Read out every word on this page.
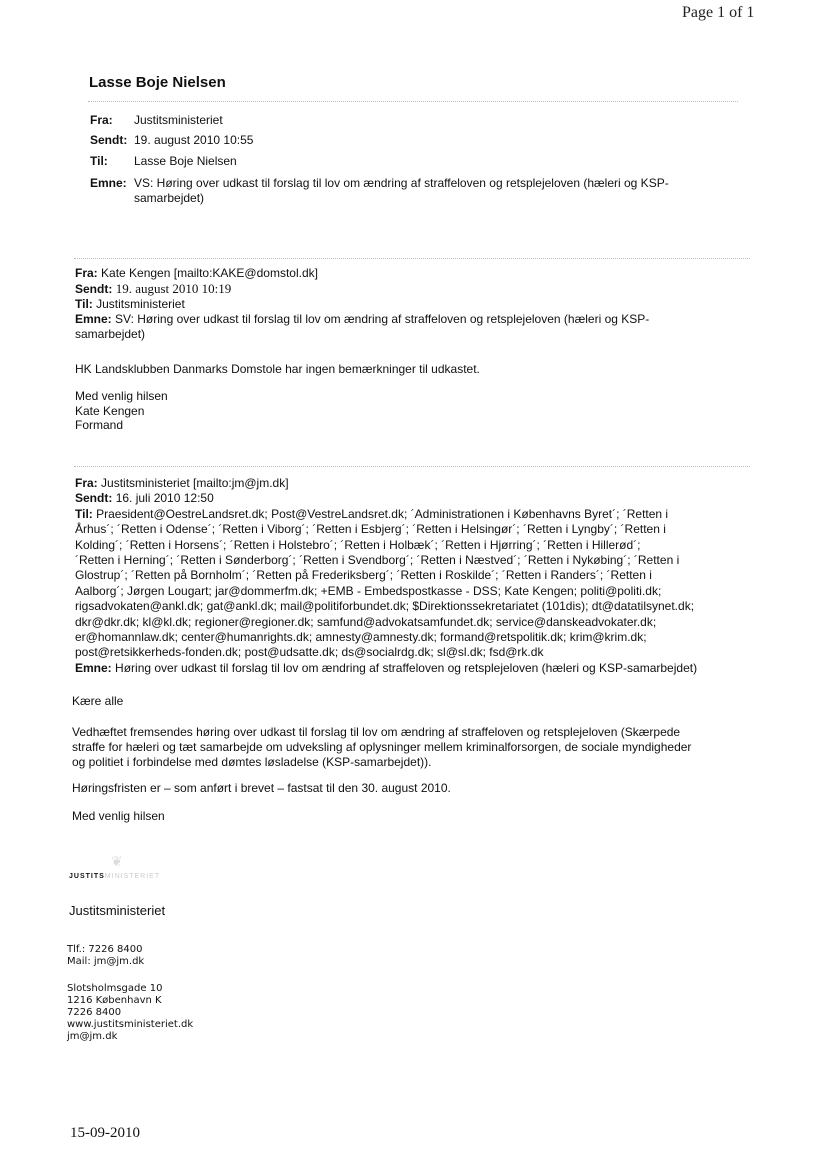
Page 1 of 1
Lasse Boje Nielsen
Fra: Justitsministeriet
Sendt: 19. august 2010 10:55
Til: Lasse Boje Nielsen
Emne: VS: Høring over udkast til forslag til lov om ændring af straffeloven og retsplejeloven (hæleri og KSP-
samarbejdet)
Fra: Kate Kengen [mailto:KAKE@domstol.dk]
Sendt: 19. august 2010 10:19
Til: Justitsministeriet
Emne: SV: Høring over udkast til forslag til lov om ændring af straffeloven og retsplejeloven (hæleri og KSP-
samarbejdet)
HK Landsklubben Danmarks Domstole har ingen bemærkninger til udkastet.
Med venlig hilsen
Kate Kengen
Formand
Fra: Justitsministeriet [mailto:jm@jm.dk]
Sendt: 16. juli 2010 12:50
Til: Praesident@OestreLandsret.dk; Post@VestreLandsret.dk; ´Administrationen i Københavns Byret´; ´Retten i
Århus´; ´Retten i Odense´; ´Retten i Viborg´; ´Retten i Esbjerg´; ´Retten i Helsingør´; ´Retten i Lyngby´; ´Retten i
Kolding´; ´Retten i Horsens´; ´Retten i Holstebro´; ´Retten i Holbæk´; ´Retten i Hjørring´; ´Retten i Hillerød´;
´Retten i Herning´; ´Retten i Sønderborg´; ´Retten i Svendborg´; ´Retten i Næstved´; ´Retten i Nykøbing´; ´Retten i
Glostrup´; ´Retten på Bornholm´; ´Retten på Frederiksberg´; ´Retten i Roskilde´; ´Retten i Randers´; ´Retten i
Aalborg´; Jørgen Lougart; jar@dommerfm.dk; +EMB - Embedspostkasse - DSS; Kate Kengen; politi@politi.dk;
rigsadvokaten@ankl.dk; gat@ankl.dk; mail@politiforbundet.dk; $Direktionssekretariatet (101dis); dt@datatilsynet.dk;
dkr@dkr.dk; kl@kl.dk; regioner@regioner.dk; samfund@advokatsamfundet.dk; service@danskeadvokater.dk;
er@homannlaw.dk; center@humanrights.dk; amnesty@amnesty.dk; formand@retspolitik.dk; krim@krim.dk;
post@retsikkerheds-fonden.dk; post@udsatte.dk; ds@socialrdg.dk; sl@sl.dk; fsd@rk.dk
Emne: Høring over udkast til forslag til lov om ændring af straffeloven og retsplejeloven (hæleri og KSP-samarbejdet)
Kære alle
Vedhæftet fremsendes høring over udkast til forslag til lov om ændring af straffeloven og retsplejeloven (Skærpede
straffe for hæleri og tæt samarbejde om udveksling af oplysninger mellem kriminalforsorgen, de sociale myndigheder
og politiet i forbindelse med dømtes løsladelse (KSP-samarbejdet)).
Høringsfristen er – som anført i brevet – fastsat til den 30. august 2010.
Med venlig hilsen
❦
JUSTITSMINISTERIET
Justitsministeriet
Tlf.: 7226 8400
Mail: jm@jm.dk
Slotsholmsgade 10
1216 København K
7226 8400
www.justitsministeriet.dk
jm@jm.dk
15-09-2010
